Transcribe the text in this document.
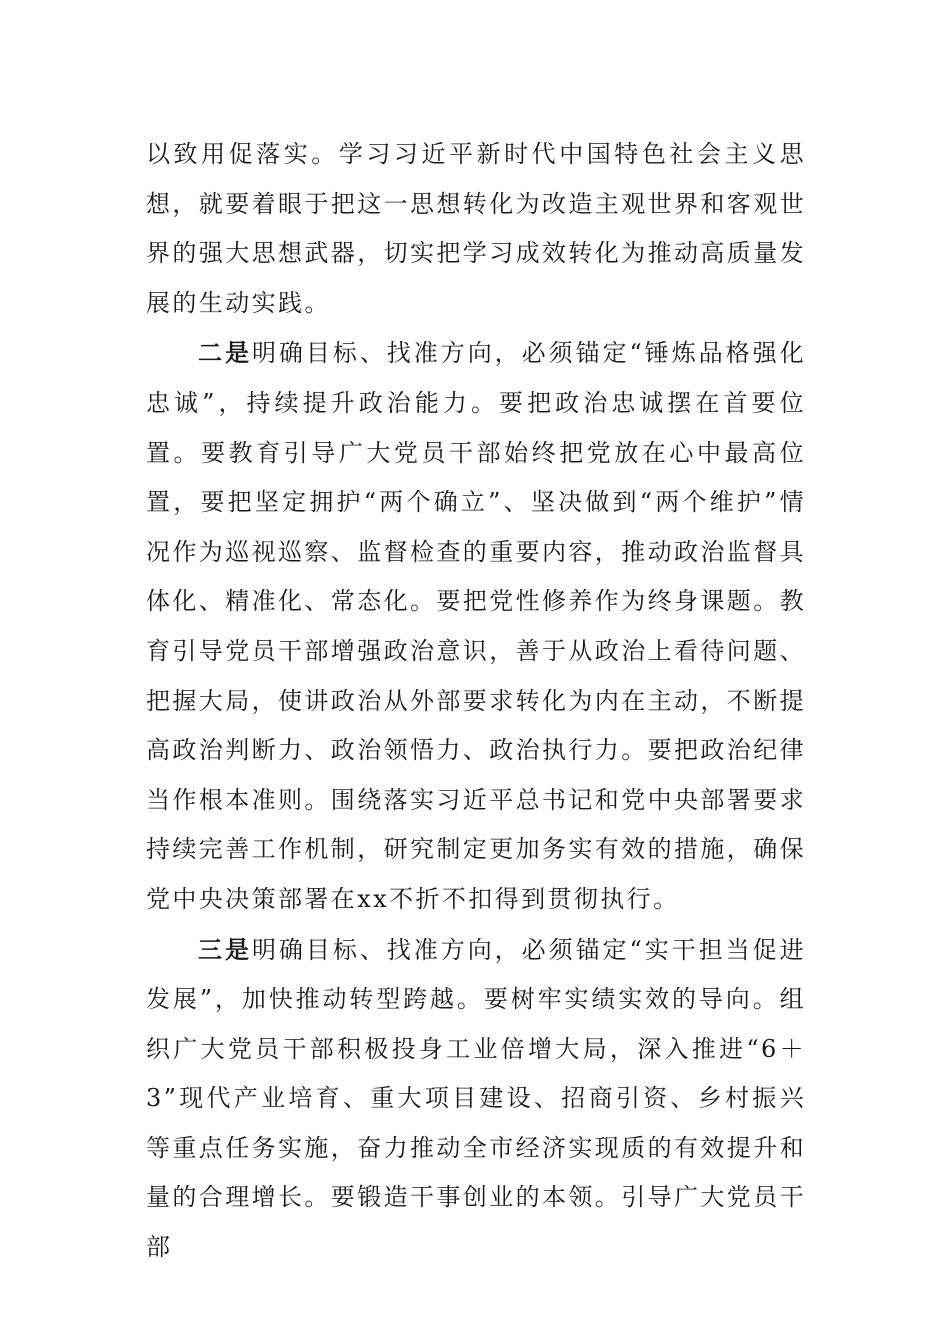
以致用促落实。学习习近平新时代中国特色社会主义思想，就要着眼于把这一思想转化为改造主观世界和客观世界的强大思想武器，切实把学习成效转化为推动高质量发展的生动实践。

二是明确目标、找准方向，必须锚定“锤炼品格强化忠诚”，持续提升政治能力。要把政治忠诚摆在首要位置。要教育引导广大党员干部始终把党放在心中最高位置，要把坚定拥护“两个确立”、坚决做到“两个维护”情况作为巡视巡察、监督检查的重要内容，推动政治监督具体化、精准化、常态化。要把党性修养作为终身课题。教育引导党员干部增强政治意识，善于从政治上看待问题、把握大局，使讲政治从外部要求转化为内在主动，不断提高政治判断力、政治领悟力、政治执行力。要把政治纪律当作根本准则。围绕落实习近平总书记和党中央部署要求持续完善工作机制，研究制定更加务实有效的措施，确保党中央决策部署在xx不折不扣得到贯彻执行。

三是明确目标、找准方向，必须锚定“实干担当促进发展”，加快推动转型跨越。要树牢实绩实效的导向。组织广大党员干部积极投身工业倍增大局，深入推进“6＋3”现代产业培育、重大项目建设、招商引资、乡村振兴等重点任务实施，奋力推动全市经济实现质的有效提升和量的合理增长。要锻造干事创业的本领。引导广大党员干部
